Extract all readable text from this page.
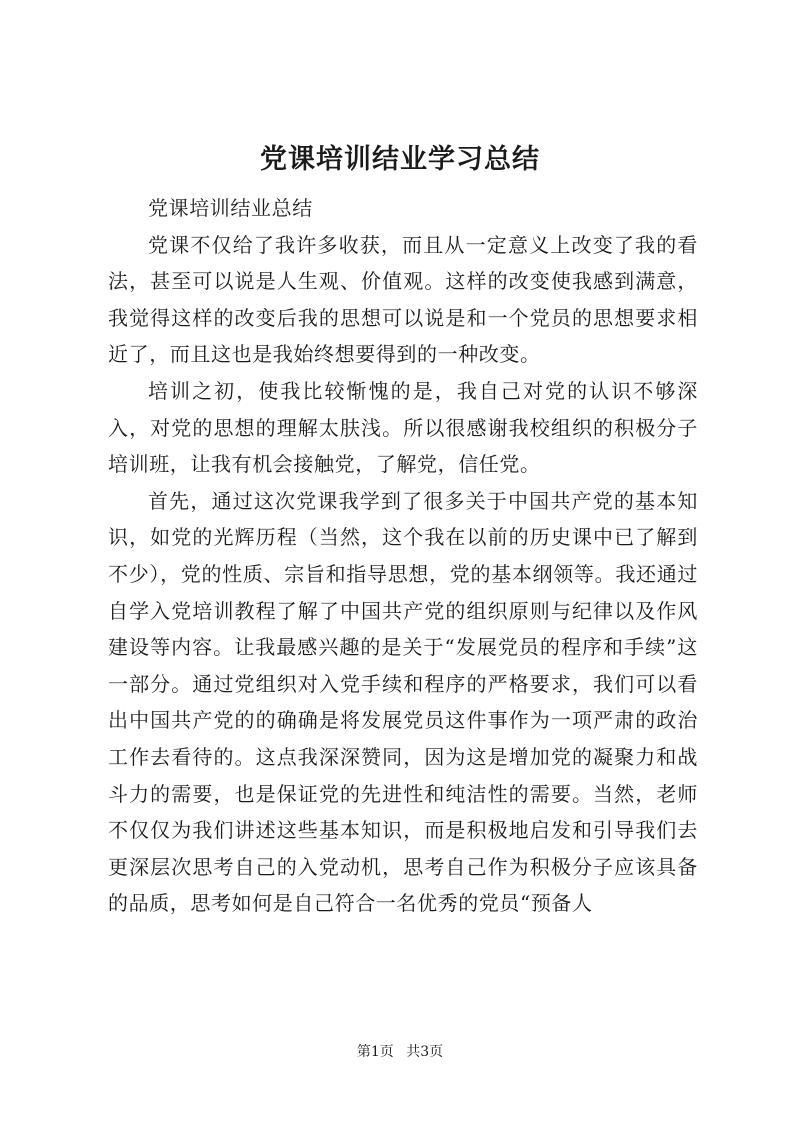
党课培训结业学习总结

党课培训结业总结

党课不仅给了我许多收获，而且从一定意义上改变了我的看法，甚至可以说是人生观、价值观。这样的改变使我感到满意，我觉得这样的改变后我的思想可以说是和一个党员的思想要求相近了，而且这也是我始终想要得到的一种改变。

培训之初，使我比较惭愧的是，我自己对党的认识不够深入，对党的思想的理解太肤浅。所以很感谢我校组织的积极分子培训班，让我有机会接触党，了解党，信任党。

首先，通过这次党课我学到了很多关于中国共产党的基本知识，如党的光辉历程（当然，这个我在以前的历史课中已了解到不少），党的性质、宗旨和指导思想，党的基本纲领等。我还通过自学入党培训教程了解了中国共产党的组织原则与纪律以及作风建设等内容。让我最感兴趣的是关于“发展党员的程序和手续”这一部分。通过党组织对入党手续和程序的严格要求，我们可以看出中国共产党的的确确是将发展党员这件事作为一项严肃的政治工作去看待的。这点我深深赞同，因为这是增加党的凝聚力和战斗力的需要，也是保证党的先进性和纯洁性的需要。当然，老师不仅仅为我们讲述这些基本知识，而是积极地启发和引导我们去更深层次思考自己的入党动机，思考自己作为积极分子应该具备的品质，思考如何是自己符合一名优秀的党员“预备人

第1页 共3页
